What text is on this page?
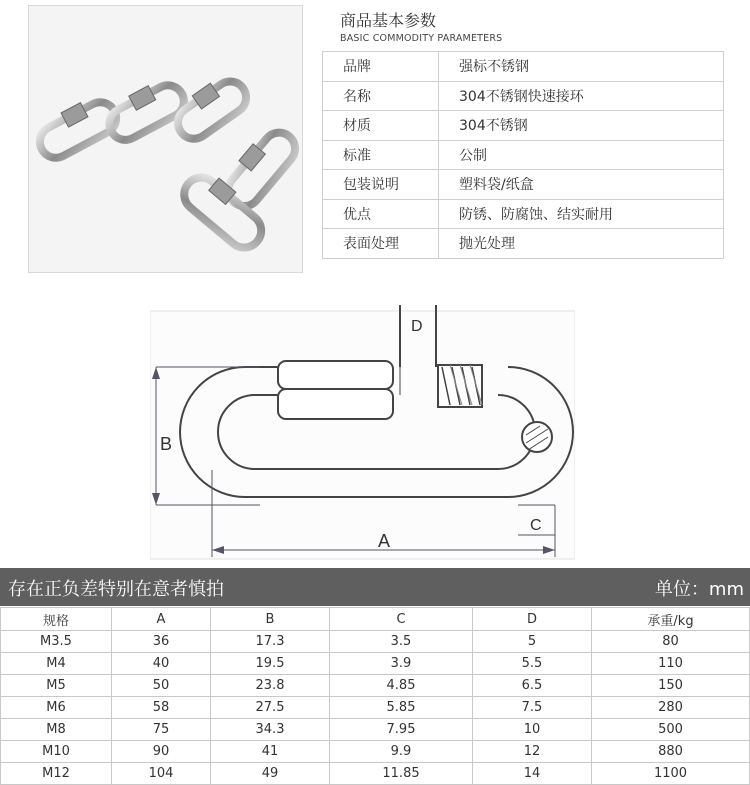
商品基本参数
BASIC COMMODITY PARAMETERS
品牌	强标不锈钢
名称	304不锈钢快速接环
材质	304不锈钢
标准	公制
包装说明	塑料袋/纸盒
优点	防锈、防腐蚀、结实耐用
表面处理	抛光处理
B
A
C
D
存在正负差特别在意者慎拍	单位：mm
规格	A	B	C	D	承重/kg
M3.5	36	17.3	3.5	5	80
M4	40	19.5	3.9	5.5	110
M5	50	23.8	4.85	6.5	150
M6	58	27.5	5.85	7.5	280
M8	75	34.3	7.95	10	500
M10	90	41	9.9	12	880
M12	104	49	11.85	14	1100
